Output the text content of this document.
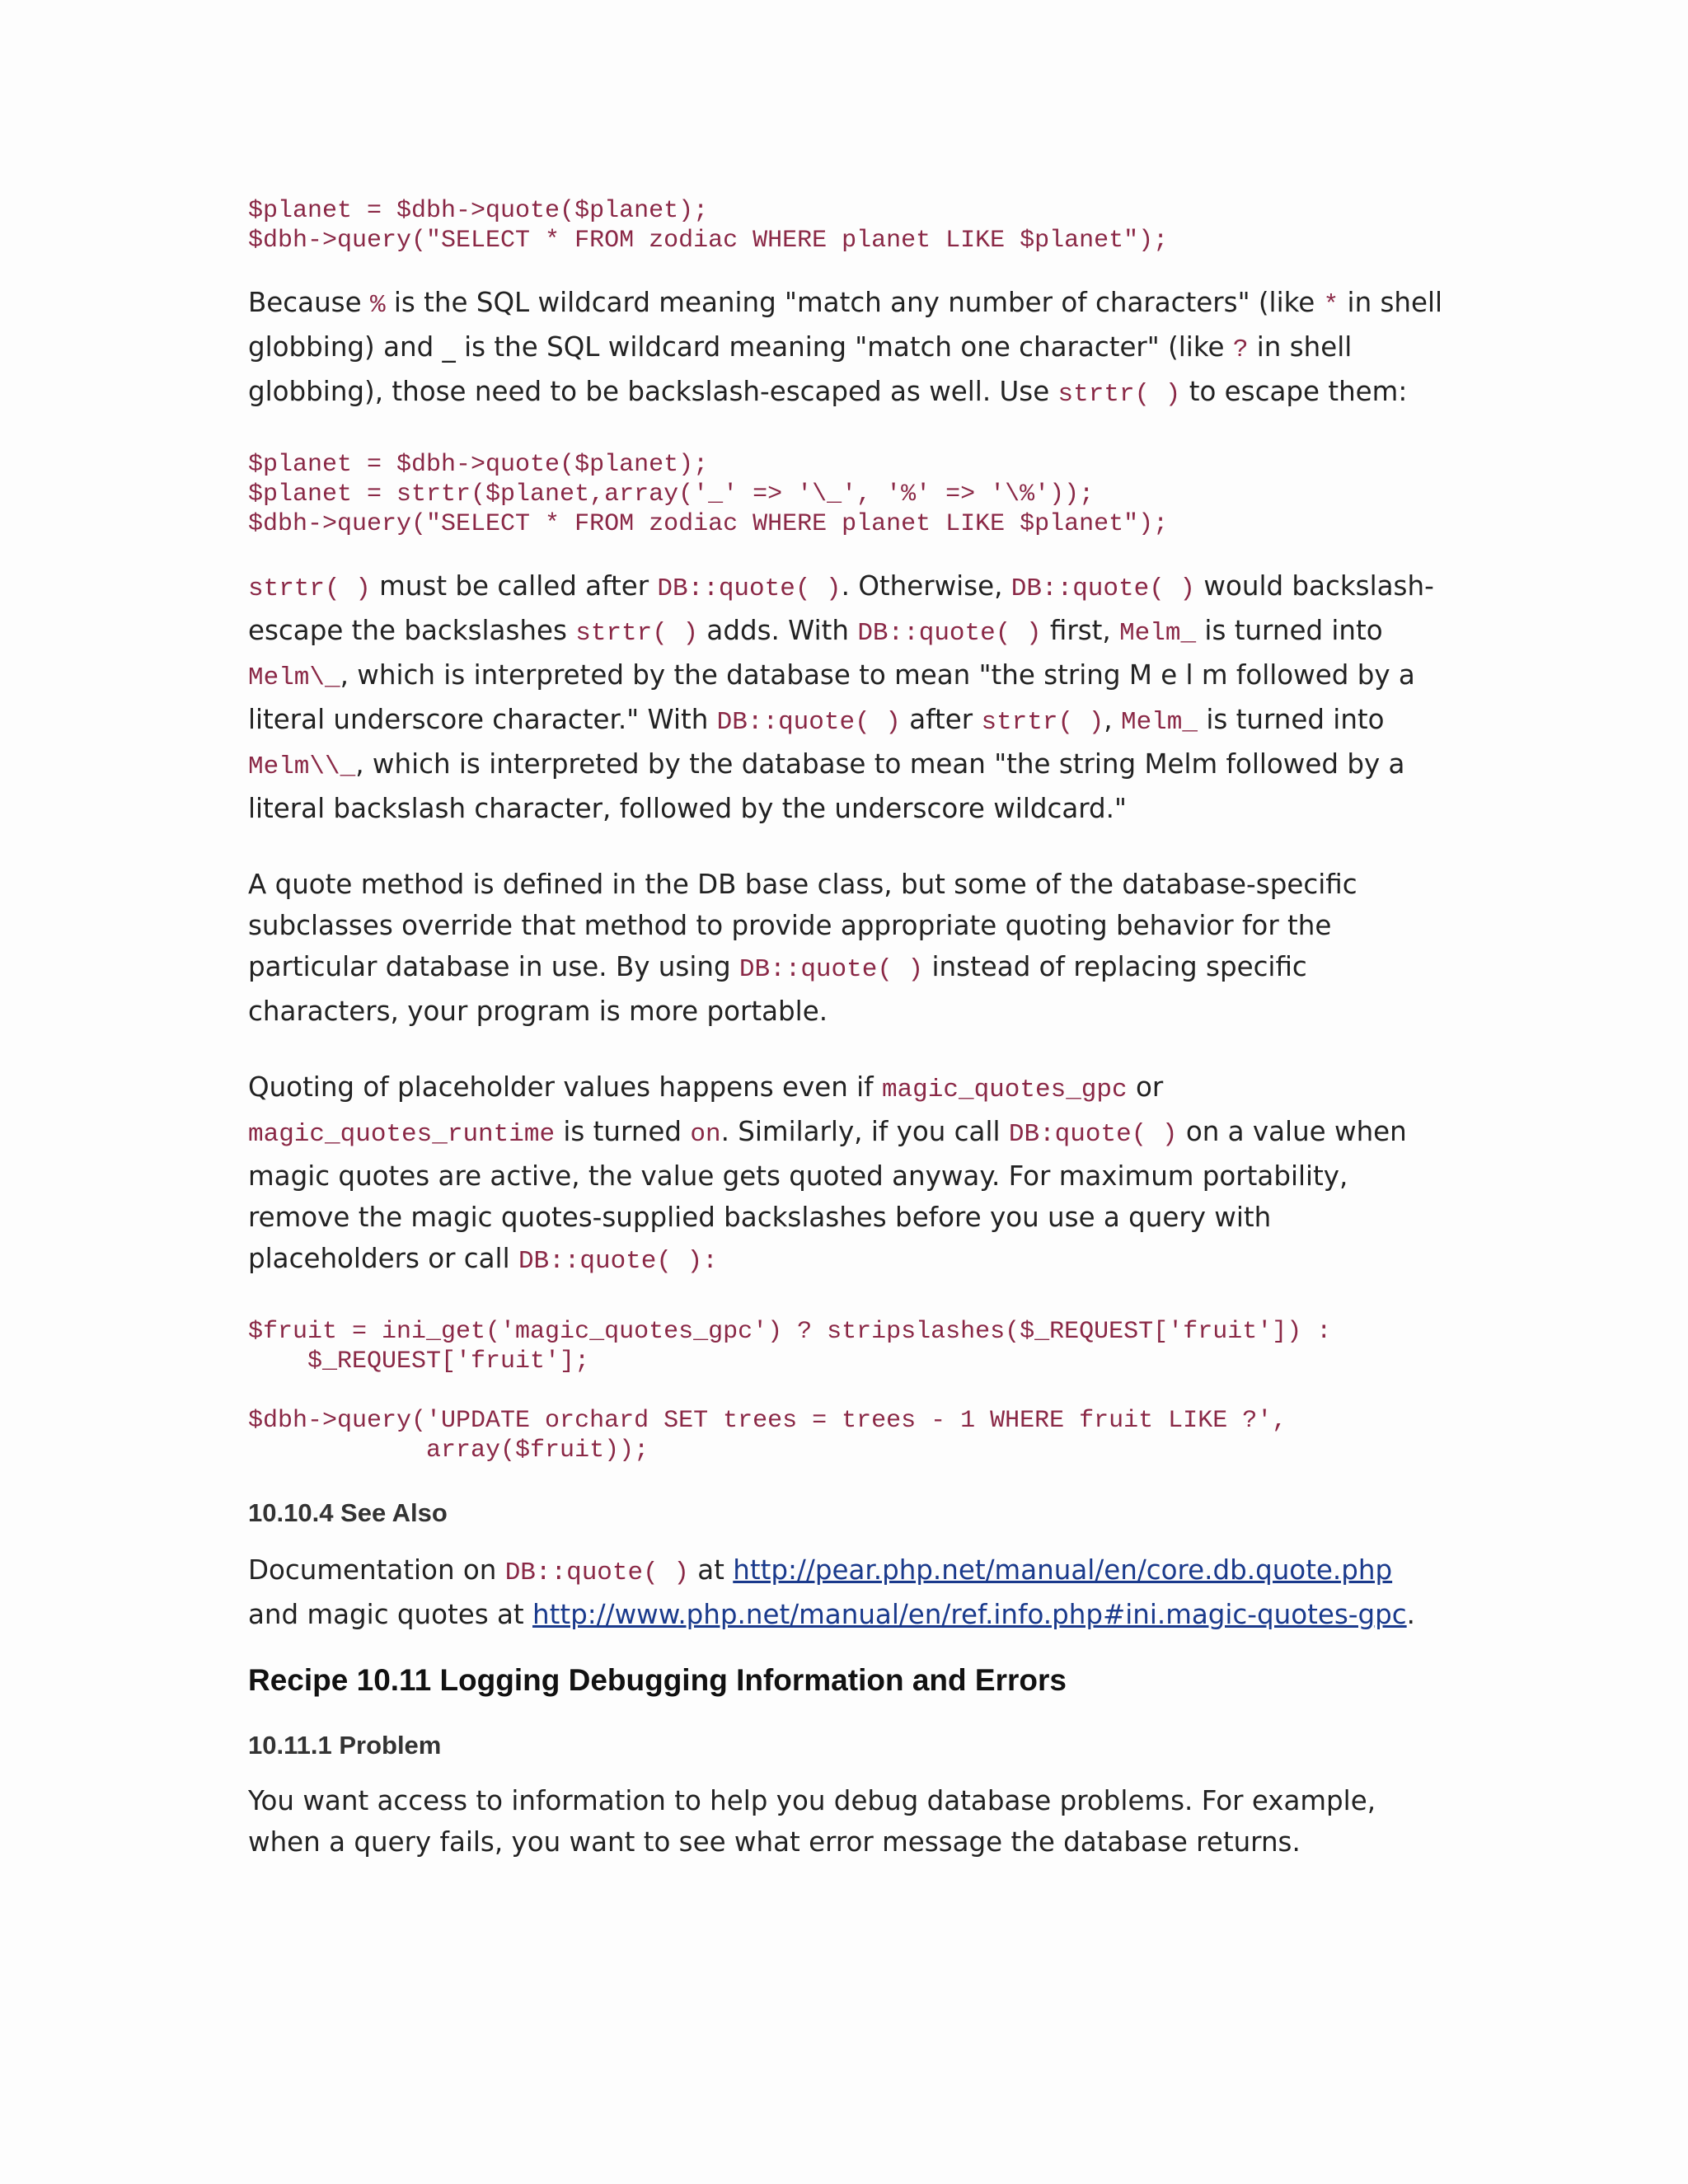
$planet = $dbh->quote($planet);
$dbh->query("SELECT * FROM zodiac WHERE planet LIKE $planet");

Because % is the SQL wildcard meaning "match any number of characters" (like * in shell globbing) and _ is the SQL wildcard meaning "match one character" (like ? in shell globbing), those need to be backslash-escaped as well. Use strtr( ) to escape them:

$planet = $dbh->quote($planet);
$planet = strtr($planet,array('_' => '\_', '%' => '\%'));
$dbh->query("SELECT * FROM zodiac WHERE planet LIKE $planet");

strtr( ) must be called after DB::quote( ). Otherwise, DB::quote( ) would backslash-escape the backslashes strtr( ) adds. With DB::quote( ) first, Melm_ is turned into Melm\_, which is interpreted by the database to mean "the string M e l m followed by a literal underscore character." With DB::quote( ) after strtr( ), Melm_ is turned into Melm\\_, which is interpreted by the database to mean "the string Melm followed by a literal backslash character, followed by the underscore wildcard."

A quote method is defined in the DB base class, but some of the database-specific subclasses override that method to provide appropriate quoting behavior for the particular database in use. By using DB::quote( ) instead of replacing specific characters, your program is more portable.

Quoting of placeholder values happens even if magic_quotes_gpc or magic_quotes_runtime is turned on. Similarly, if you call DB:quote( ) on a value when magic quotes are active, the value gets quoted anyway. For maximum portability, remove the magic quotes-supplied backslashes before you use a query with placeholders or call DB::quote( ):

$fruit = ini_get('magic_quotes_gpc') ? stripslashes($_REQUEST['fruit']) :
$_REQUEST['fruit'];

$dbh->query('UPDATE orchard SET trees = trees - 1 WHERE fruit LIKE ?',
array($fruit));
10.10.4 See Also

Documentation on DB::quote( ) at http://pear.php.net/manual/en/core.db.quote.php and magic quotes at http://www.php.net/manual/en/ref.info.php#ini.magic-quotes-gpc.

Recipe 10.11 Logging Debugging Information and Errors
10.11.1 Problem

You want access to information to help you debug database problems. For example, when a query fails, you want to see what error message the database returns.
